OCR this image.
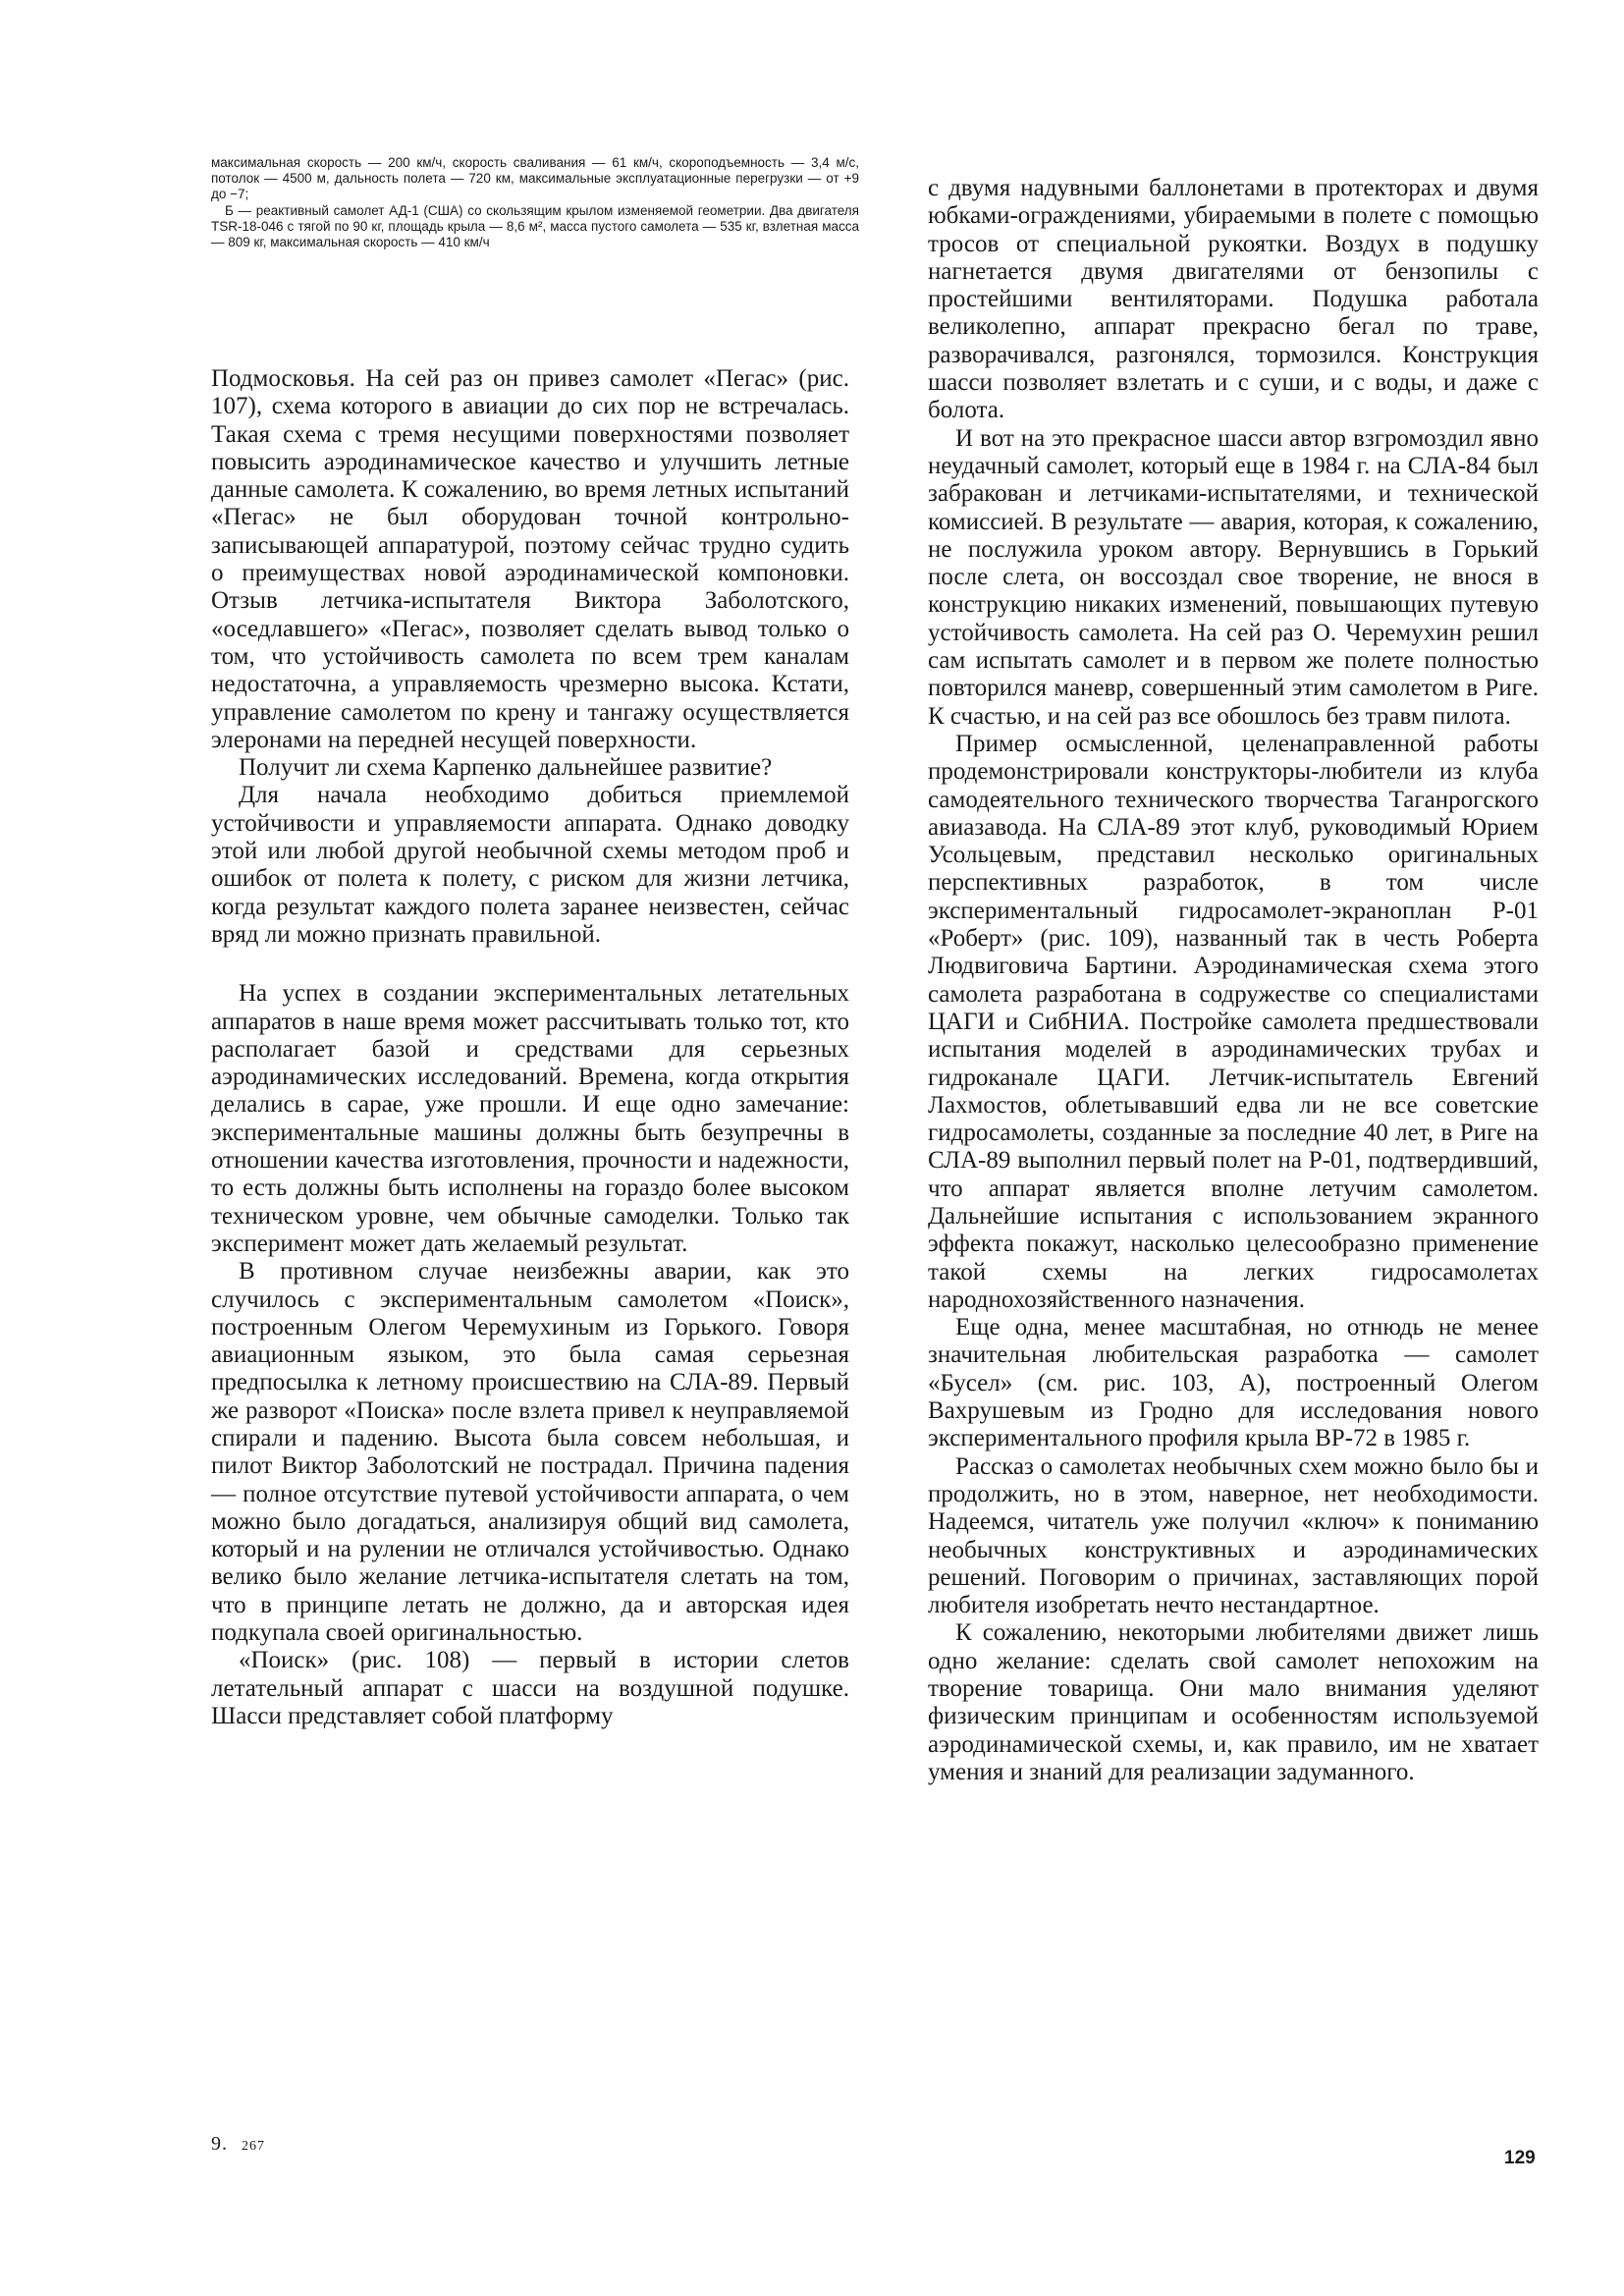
максимальная скорость — 200 км/ч, скорость сваливания — 61 км/ч, скороподъемность — 3,4 м/с, потолок — 4500 м, дальность полета — 720 км, максимальные эксплуатационные перегрузки — от +9 до −7;

Б — реактивный самолет АД-1 (США) со скользящим крылом изменяемой геометрии. Два двигателя TSR-18-046 с тягой по 90 кг, площадь крыла — 8,6 м², масса пустого самолета — 535 кг, взлетная масса — 809 кг, максимальная скорость — 410 км/ч

Подмосковья. На сей раз он привез самолет «Пегас» (рис. 107), схема которого в авиации до сих пор не встречалась. Такая схема с тремя несущими поверхностями позволяет повысить аэродинамическое качество и улучшить летные данные самолета. К сожалению, во время летных испытаний «Пегас» не был оборудован точной контрольно-записывающей аппаратурой, поэтому сейчас трудно судить о преимуществах новой аэродинамической компоновки. Отзыв летчика-испытателя Виктора Заболотского, «оседлавшего» «Пегас», позволяет сделать вывод только о том, что устойчивость самолета по всем трем каналам недостаточна, а управляемость чрезмерно высока. Кстати, управление самолетом по крену и тангажу осуществляется элеронами на передней несущей поверхности.

Получит ли схема Карпенко дальнейшее развитие?

Для начала необходимо добиться приемлемой устойчивости и управляемости аппарата. Однако доводку этой или любой другой необычной схемы методом проб и ошибок от полета к полету, с риском для жизни летчика, когда результат каждого полета заранее неизвестен, сейчас вряд ли можно признать правильной.

На успех в создании экспериментальных летательных аппаратов в наше время может рассчитывать только тот, кто располагает базой и средствами для серьезных аэродинамических исследований. Времена, когда открытия делались в сарае, уже прошли. И еще одно замечание: экспериментальные машины должны быть безупречны в отношении качества изготовления, прочности и надежности, то есть должны быть исполнены на гораздо более высоком техническом уровне, чем обычные самоделки. Только так эксперимент может дать желаемый результат.

В противном случае неизбежны аварии, как это случилось с экспериментальным самолетом «Поиск», построенным Олегом Черемухиным из Горького. Говоря авиационным языком, это была самая серьезная предпосылка к летному происшествию на СЛА-89. Первый же разворот «Поиска» после взлета привел к неуправляемой спирали и падению. Высота была совсем небольшая, и пилот Виктор Заболотский не пострадал. Причина падения — полное отсутствие путевой устойчивости аппарата, о чем можно было догадаться, анализируя общий вид самолета, который и на рулении не отличался устойчивостью. Однако велико было желание летчика-испытателя слетать на том, что в принципе летать не должно, да и авторская идея подкупала своей оригинальностью.

«Поиск» (рис. 108) — первый в истории слетов летательный аппарат с шасси на воздушной подушке. Шасси представляет собой платформу

с двумя надувными баллонетами в протекторах и двумя юбками-ограждениями, убираемыми в полете с помощью тросов от специальной рукоятки. Воздух в подушку нагнетается двумя двигателями от бензопилы с простейшими вентиляторами. Подушка работала великолепно, аппарат прекрасно бегал по траве, разворачивался, разгонялся, тормозился. Конструкция шасси позволяет взлетать и с суши, и с воды, и даже с болота.

И вот на это прекрасное шасси автор взгромоздил явно неудачный самолет, который еще в 1984 г. на СЛА-84 был забракован и летчиками-испытателями, и технической комиссией. В результате — авария, которая, к сожалению, не послужила уроком автору. Вернувшись в Горький после слета, он воссоздал свое творение, не внося в конструкцию никаких изменений, повышающих путевую устойчивость самолета. На сей раз О. Черемухин решил сам испытать самолет и в первом же полете полностью повторился маневр, совершенный этим самолетом в Риге. К счастью, и на сей раз все обошлось без травм пилота.

Пример осмысленной, целенаправленной работы продемонстрировали конструкторы-любители из клуба самодеятельного технического творчества Таганрогского авиазавода. На СЛА-89 этот клуб, руководимый Юрием Усольцевым, представил несколько оригинальных перспективных разработок, в том числе экспериментальный гидросамолет-экраноплан Р-01 «Роберт» (рис. 109), названный так в честь Роберта Людвиговича Бартини. Аэродинамическая схема этого самолета разработана в содружестве со специалистами ЦАГИ и СибНИА. Постройке самолета предшествовали испытания моделей в аэродинамических трубах и гидроканале ЦАГИ. Летчик-испытатель Евгений Лахмостов, облетывавший едва ли не все советские гидросамолеты, созданные за последние 40 лет, в Риге на СЛА-89 выполнил первый полет на Р-01, подтвердивший, что аппарат является вполне летучим самолетом. Дальнейшие испытания с использованием экранного эффекта покажут, насколько целесообразно применение такой схемы на легких гидросамолетах народнохозяйственного назначения.

Еще одна, менее масштабная, но отнюдь не менее значительная любительская разработка — самолет «Бусел» (см. рис. 103, А), построенный Олегом Вахрушевым из Гродно для исследования нового экспериментального профиля крыла ВР-72 в 1985 г.

Рассказ о самолетах необычных схем можно было бы и продолжить, но в этом, наверное, нет необходимости. Надеемся, читатель уже получил «ключ» к пониманию необычных конструктивных и аэродинамических решений. Поговорим о причинах, заставляющих порой любителя изобретать нечто нестандартное.

К сожалению, некоторыми любителями движет лишь одно желание: сделать свой самолет непохожим на творение товарища. Они мало внимания уделяют физическим принципам и особенностям используемой аэродинамической схемы, и, как правило, им не хватает умения и знаний для реализации задуманного.

9. 267
129
